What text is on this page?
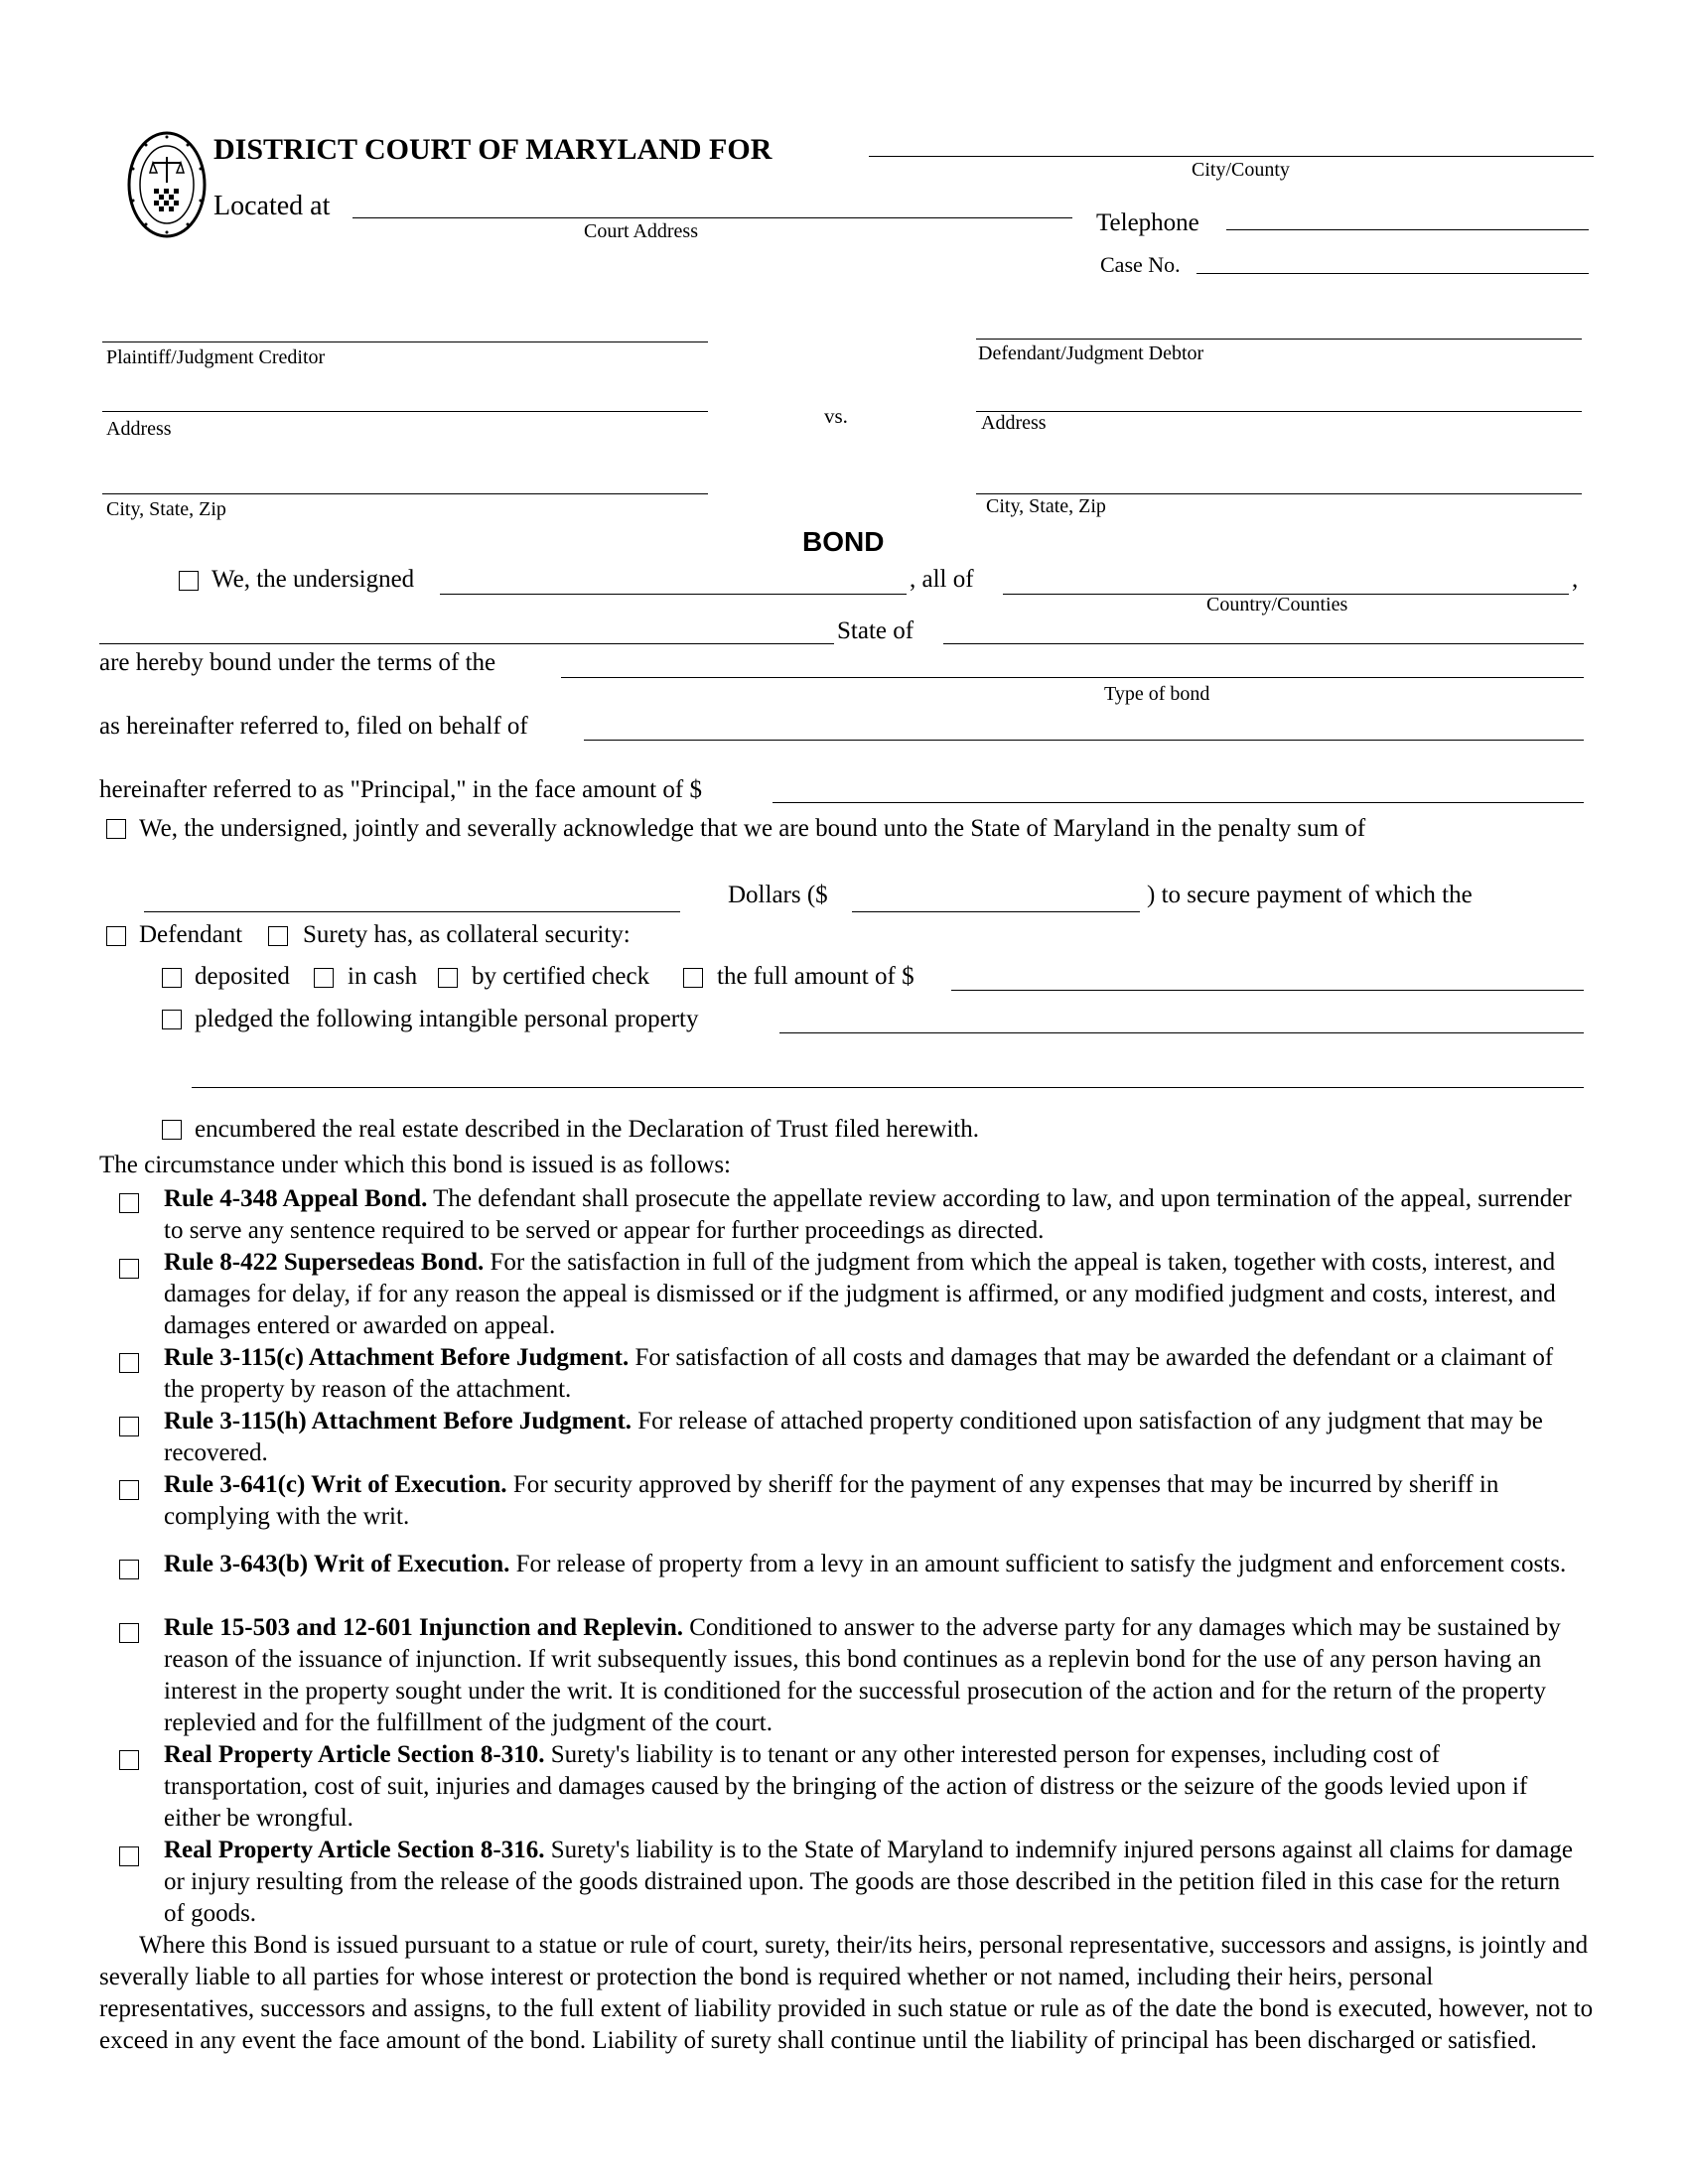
DISTRICT COURT OF MARYLAND FOR
City/County
Located at
Court Address	Telephone
Case No.
Plaintiff/Judgment Creditor
Address
City, State, Zip
vs.
Defendant/Judgment Debtor
Address
City, State, Zip
BOND
We, the undersigned	, all of	,
Country/Counties
State of
are hereby bound under the terms of the
Type of bond
as hereinafter referred to, filed on behalf of
hereinafter referred to as "Principal," in the face amount of $
We, the undersigned, jointly and severally acknowledge that we are bound unto the State of Maryland in the penalty sum of
Dollars ($	) to secure payment of which the
Defendant Surety has, as collateral security:
deposited in cash by certified check	the full amount of $
pledged the following intangible personal property
encumbered the real estate described in the Declaration of Trust filed herewith.
The circumstance under which this bond is issued is as follows:
Rule 4-348 Appeal Bond. The defendant shall prosecute the appellate review according to law, and upon termination of the appeal, surrender to serve any sentence required to be served or appear for further proceedings as directed.
Rule 8-422 Supersedeas Bond. For the satisfaction in full of the judgment from which the appeal is taken, together with costs, interest, and damages for delay, if for any reason the appeal is dismissed or if the judgment is affirmed, or any modified judgment and costs, interest, and damages entered or awarded on appeal.
Rule 3-115(c) Attachment Before Judgment. For satisfaction of all costs and damages that may be awarded the defendant or a claimant of the property by reason of the attachment.
Rule 3-115(h) Attachment Before Judgment. For release of attached property conditioned upon satisfaction of any judgment that may be recovered.
Rule 3-641(c) Writ of Execution. For security approved by sheriff for the payment of any expenses that may be incurred by sheriff in complying with the writ.
Rule 3-643(b) Writ of Execution. For release of property from a levy in an amount sufficient to satisfy the judgment and enforcement costs.
Rule 15-503 and 12-601 Injunction and Replevin. Conditioned to answer to the adverse party for any damages which may be sustained by reason of the issuance of injunction. If writ subsequently issues, this bond continues as a replevin bond for the use of any person having an interest in the property sought under the writ. It is conditioned for the successful prosecution of the action and for the return of the property replevied and for the fulfillment of the judgment of the court.
Real Property Article Section 8-310. Surety's liability is to tenant or any other interested person for expenses, including cost of transportation, cost of suit, injuries and damages caused by the bringing of the action of distress or the seizure of the goods levied upon if either be wrongful.
Real Property Article Section 8-316. Surety's liability is to the State of Maryland to indemnify injured persons against all claims for damage or injury resulting from the release of the goods distrained upon. The goods are those described in the petition filed in this case for the return of goods.
Where this Bond is issued pursuant to a statue or rule of court, surety, their/its heirs, personal representative, successors and assigns, is jointly and severally liable to all parties for whose interest or protection the bond is required whether or not named, including their heirs, personal representatives, successors and assigns, to the full extent of liability provided in such statue or rule as of the date the bond is executed, however, not to exceed in any event the face amount of the bond. Liability of surety shall continue until the liability of principal has been discharged or satisfied.
